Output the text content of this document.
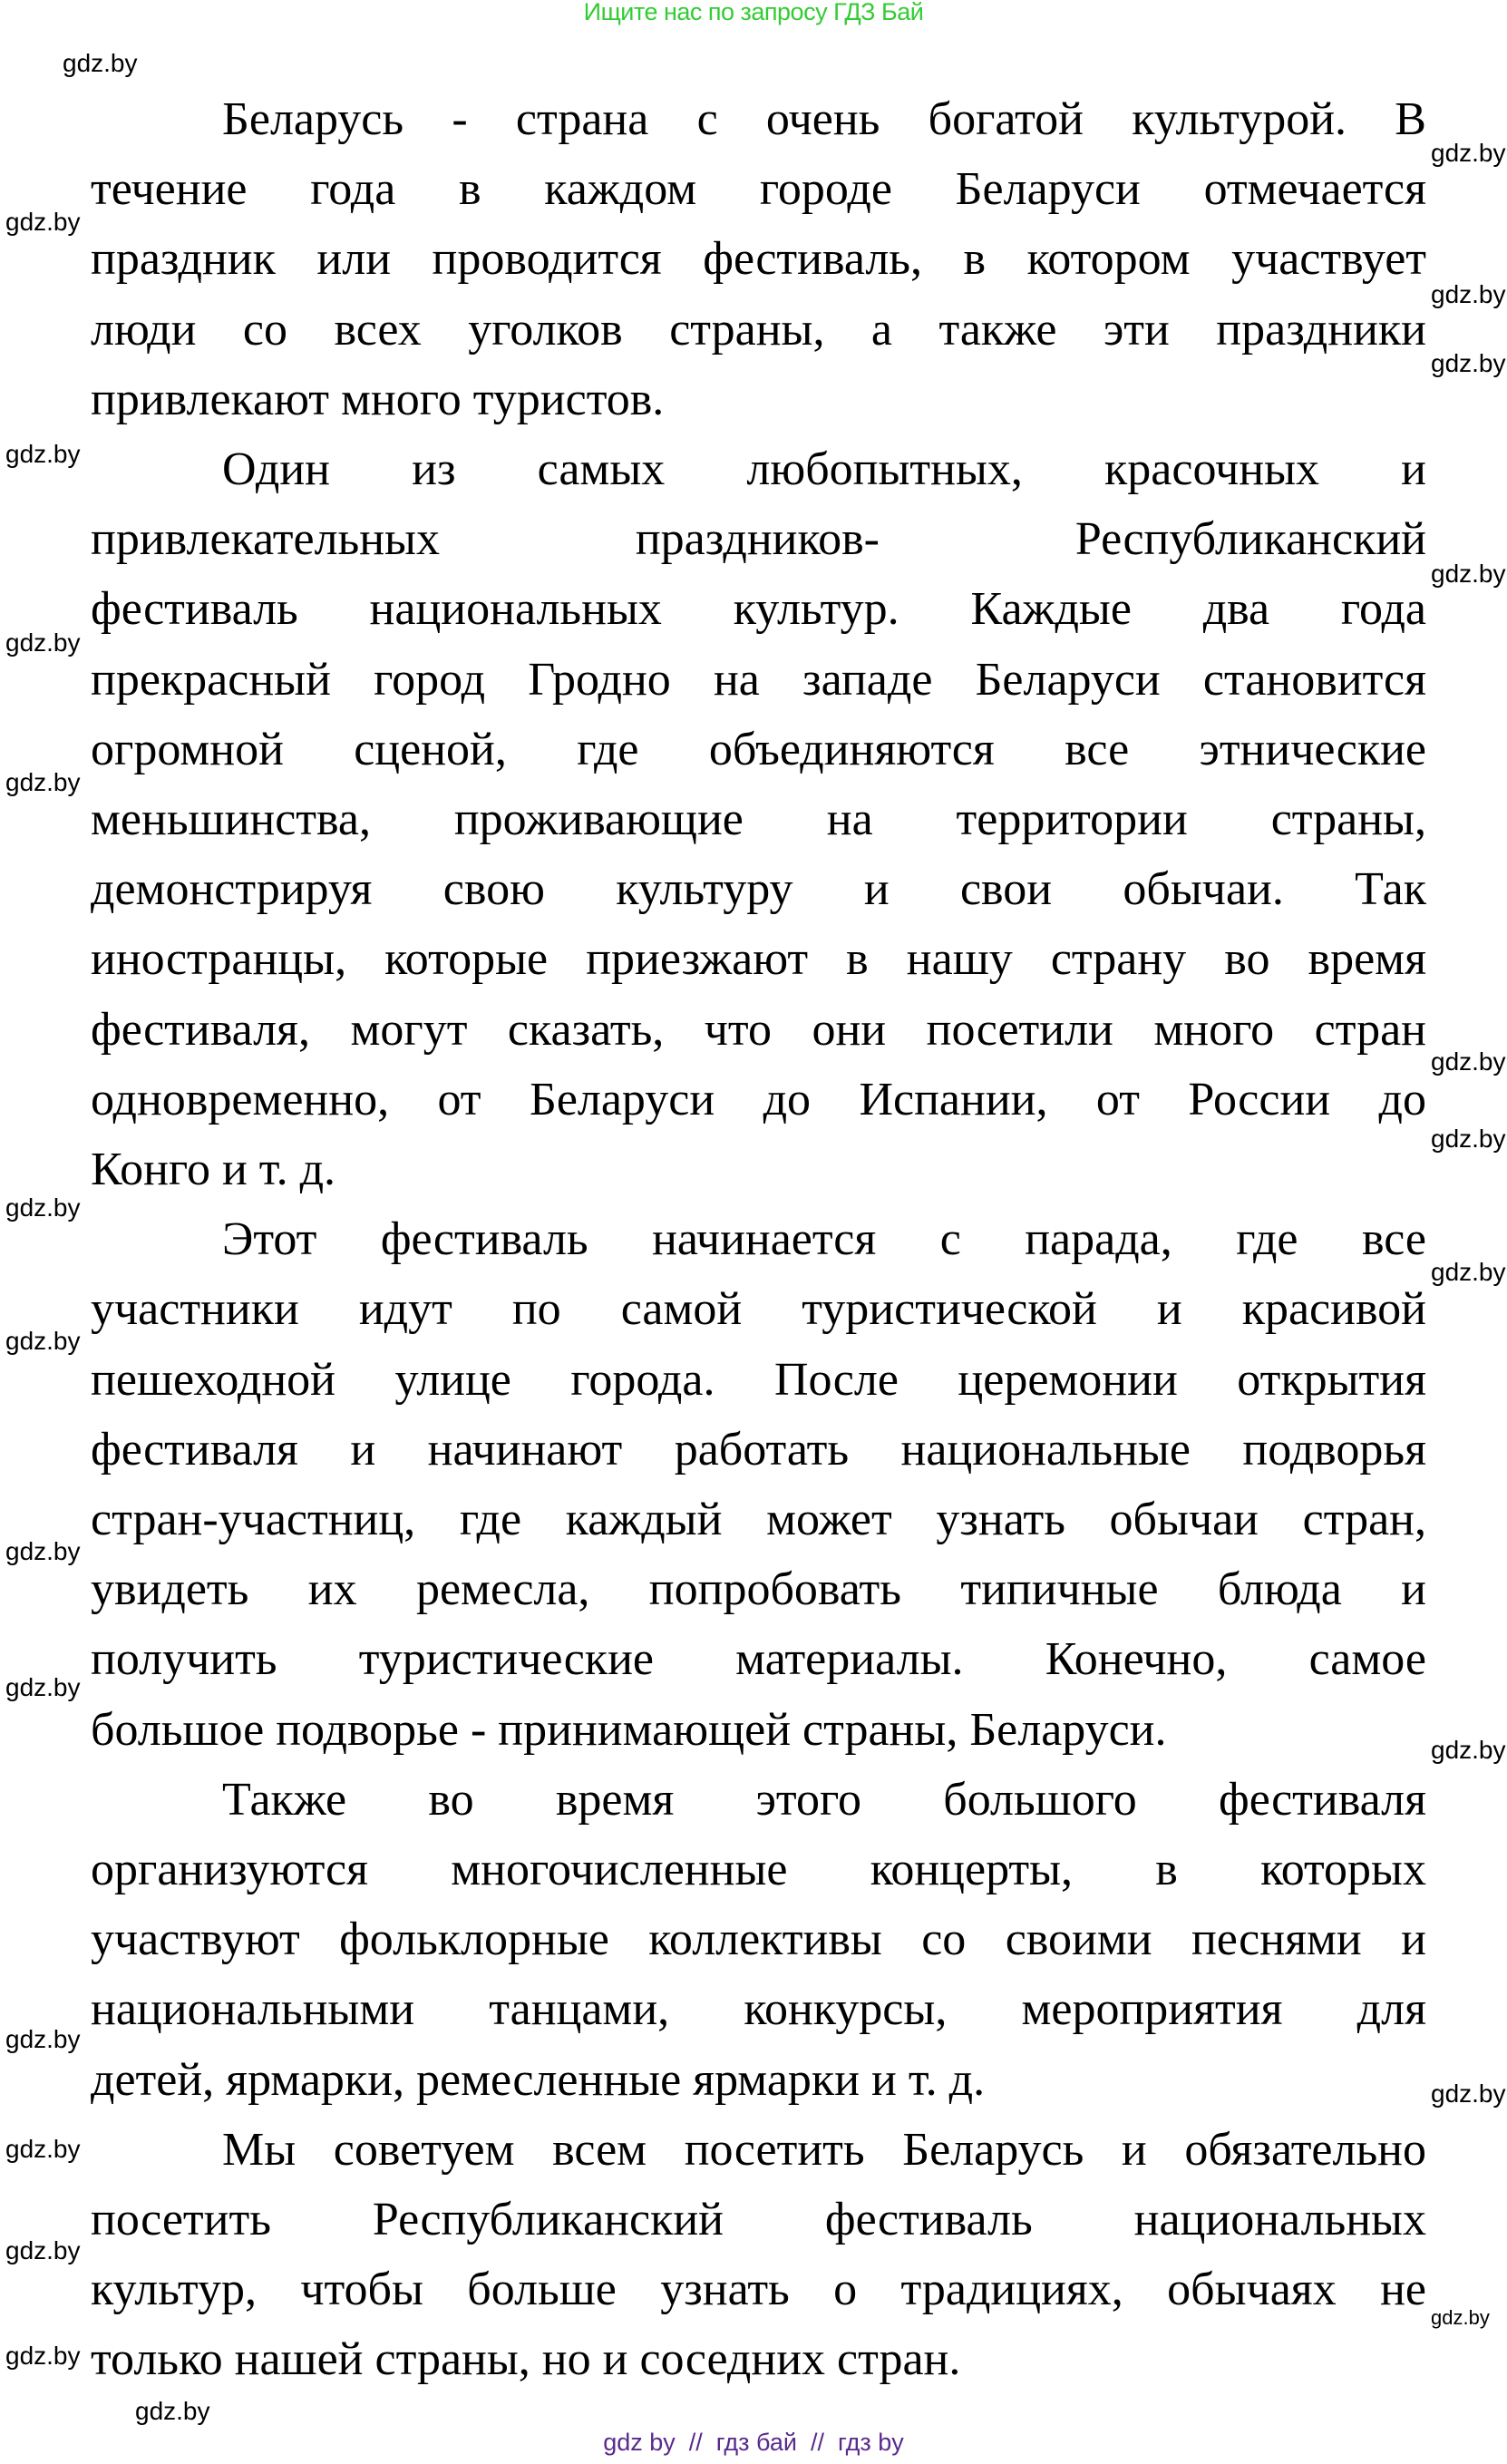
Ищите нас по запросу ГДЗ Бай
Беларусь - страна с очень богатой культурой. В
течение года в каждом городе Беларуси отмечается
праздник или проводится фестиваль, в котором участвует
люди со всех уголков страны, а также эти праздники
привлекают много туристов.
Один из самых любопытных, красочных и
привлекательных праздников- Республиканский
фестиваль национальных культур. Каждые два года
прекрасный город Гродно на западе Беларуси становится
огромной сценой, где объединяются все этнические
меньшинства, проживающие на территории страны,
демонстрируя свою культуру и свои обычаи. Так
иностранцы, которые приезжают в нашу страну во время
фестиваля, могут сказать, что они посетили много стран
одновременно, от Беларуси до Испании, от России до
Конго и т. д.
Этот фестиваль начинается с парада, где все
участники идут по самой туристической и красивой
пешеходной улице города. После церемонии открытия
фестиваля и начинают работать национальные подворья
стран-участниц, где каждый может узнать обычаи стран,
увидеть их ремесла, попробовать типичные блюда и
получить туристические материалы. Конечно, самое
большое подворье - принимающей страны, Беларуси.
Также во время этого большого фестиваля
организуются многочисленные концерты, в которых
участвуют фольклорные коллективы со своими песнями и
национальными танцами, конкурсы, мероприятия для
детей, ярмарки, ремесленные ярмарки и т. д.
Мы советуем всем посетить Беларусь и обязательно
посетить Республиканский фестиваль национальных
культур, чтобы больше узнать о традициях, обычаях не
только нашей страны, но и соседних стран.
gdz.by
gdz.by
gdz.by
gdz.by
gdz.by
gdz.by
gdz.by
gdz.by
gdz.by
gdz.by
gdz.by
gdz.by
gdz.by
gdz.by
gdz.by
gdz.by
gdz.by
gdz.by
gdz.by
gdz.by
gdz.by
gdz.by
gdz.by
gdz.by
gdz by  //  гдз бай  //  гдз by
